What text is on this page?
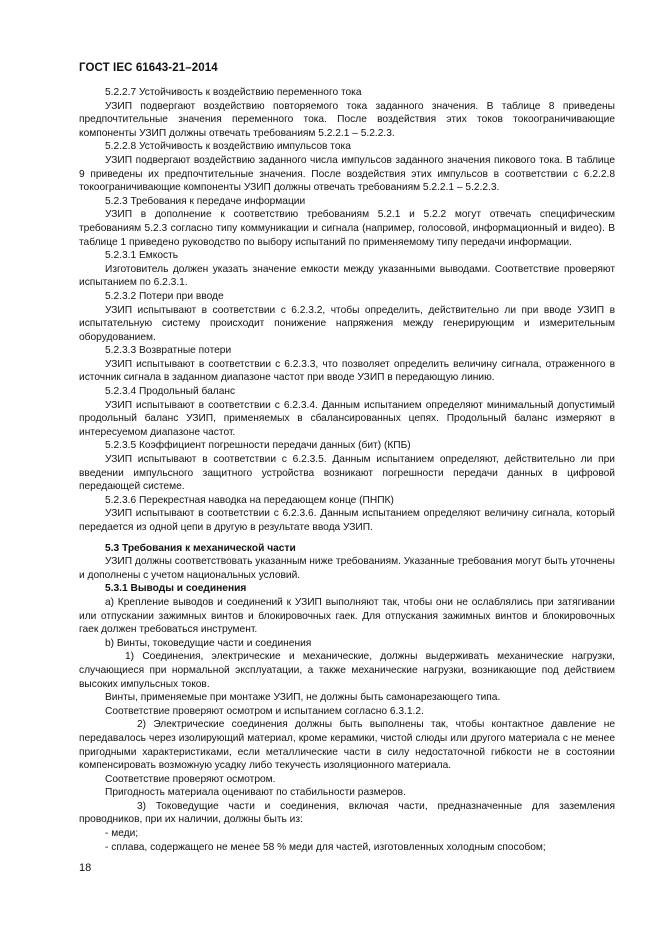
ГОСТ IEC 61643-21–2014

5.2.2.7 Устойчивость к воздействию переменного тока

УЗИП подвергают воздействию повторяемого тока заданного значения. В таблице 8 приведены предпочтительные значения переменного тока. После воздействия этих токов токоограничивающие компоненты УЗИП должны отвечать требованиям 5.2.2.1 – 5.2.2.3.

5.2.2.8 Устойчивость к воздействию импульсов тока

УЗИП подвергают воздействию заданного числа импульсов заданного значения пикового тока. В таблице 9 приведены их предпочтительные значения. После воздействия этих импульсов в соответствии с 6.2.2.8 токоограничивающие компоненты УЗИП должны отвечать требованиям 5.2.2.1 – 5.2.2.3.

5.2.3 Требования к передаче информации

УЗИП в дополнение к соответствию требованиям 5.2.1 и 5.2.2 могут отвечать специфическим требованиям 5.2.3 согласно типу коммуникации и сигнала (например, голосовой, информационный и видео). В таблице 1 приведено руководство по выбору испытаний по применяемому типу передачи информации.

5.2.3.1 Емкость

Изготовитель должен указать значение емкости между указанными выводами. Соответствие проверяют испытанием по 6.2.3.1.

5.2.3.2 Потери при вводе

УЗИП испытывают в соответствии с 6.2.3.2, чтобы определить, действительно ли при вводе УЗИП в испытательную систему происходит понижение напряжения между генерирующим и измерительным оборудованием.

5.2.3.3 Возвратные потери

УЗИП испытывают в соответствии с 6.2.3.3, что позволяет определить величину сигнала, отраженного в источник сигнала в заданном диапазоне частот при вводе УЗИП в передающую линию.

5.2.3.4 Продольный баланс

УЗИП испытывают в соответствии с 6.2.3.4. Данным испытанием определяют минимальный допустимый продольный баланс УЗИП, применяемых в сбалансированных цепях. Продольный баланс измеряют в интересуемом диапазоне частот.

5.2.3.5 Коэффициент погрешности передачи данных (бит) (КПБ)

УЗИП испытывают в соответствии с 6.2.3.5. Данным испытанием определяют, действительно ли при введении импульсного защитного устройства возникают погрешности передачи данных в цифровой передающей системе.

5.2.3.6 Перекрестная наводка на передающем конце (ПНПК)

УЗИП испытывают в соответствии с 6.2.3.6. Данным испытанием определяют величину сигнала, который передается из одной цепи в другую в результате ввода УЗИП.

5.3 Требования к механической части

УЗИП должны соответствовать указанным ниже требованиям. Указанные требования могут быть уточнены и дополнены с учетом национальных условий.

5.3.1 Выводы и соединения

a) Крепление выводов и соединений к УЗИП выполняют так, чтобы они не ослаблялись при затягивании или отпускании зажимных винтов и блокировочных гаек. Для отпускания зажимных винтов и блокировочных гаек должен требоваться инструмент.

b) Винты, токоведущие части и соединения

1) Соединения, электрические и механические, должны выдерживать механические нагрузки, случающиеся при нормальной эксплуатации, а также механические нагрузки, возникающие под действием высоких импульсных токов.

Винты, применяемые при монтаже УЗИП, не должны быть самонарезающего типа.

Соответствие проверяют осмотром и испытанием согласно 6.3.1.2.

2) Электрические соединения должны быть выполнены так, чтобы контактное давление не передавалось через изолирующий материал, кроме керамики, чистой слюды или другого материала с не менее пригодными характеристиками, если металлические части в силу недостаточной гибкости не в состоянии компенсировать возможную усадку либо текучесть изоляционного материала.

Соответствие проверяют осмотром.

Пригодность материала оценивают по стабильности размеров.

3) Токоведущие части и соединения, включая части, предназначенные для заземления проводников, при их наличии, должны быть из:

- меди;

- сплава, содержащего не менее 58 % меди для частей, изготовленных холодным способом;

18
